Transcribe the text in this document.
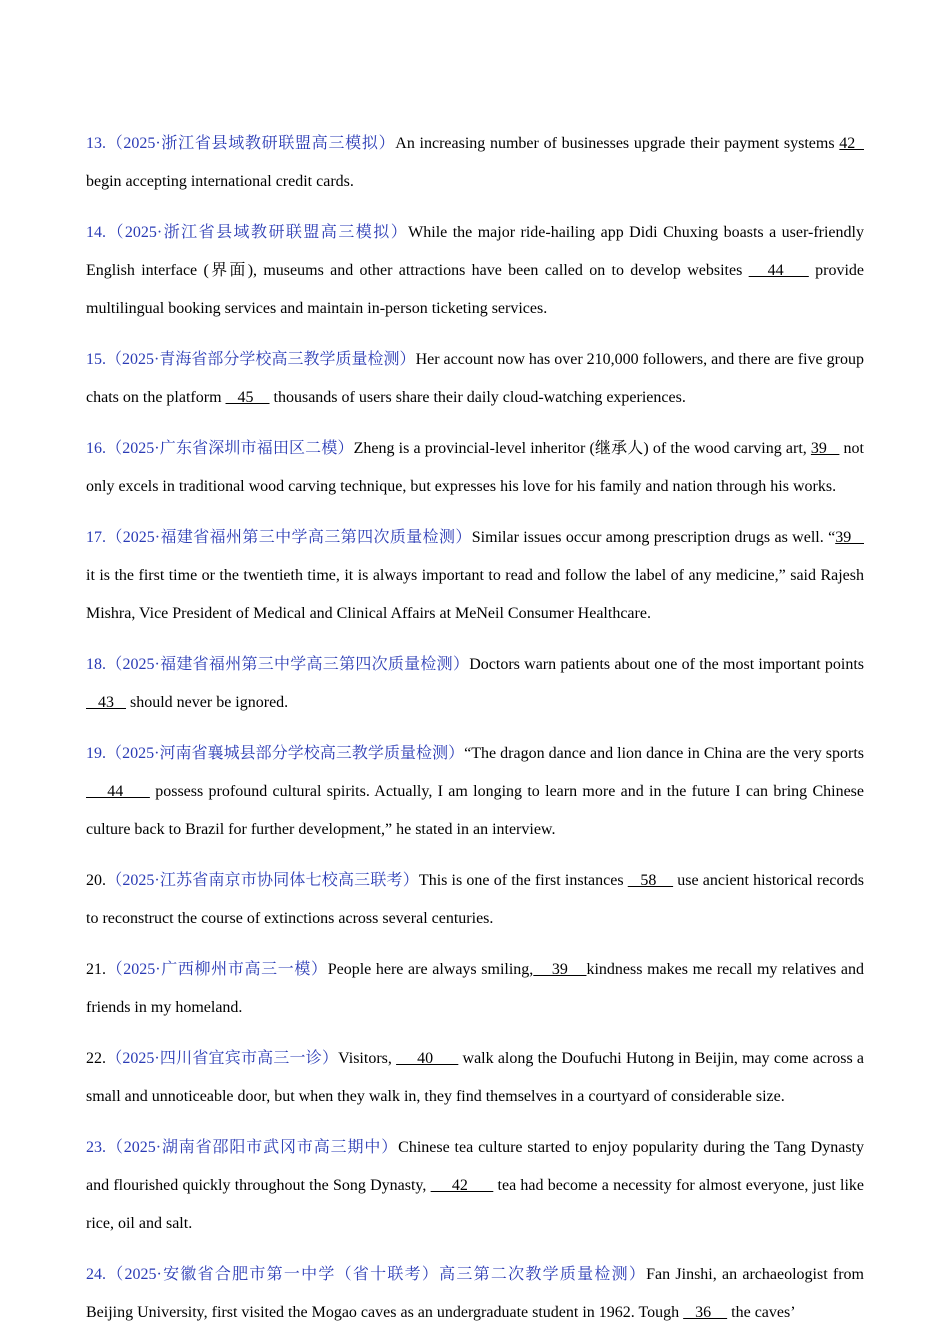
13.（2025·浙江省县域教研联盟高三模拟）An increasing number of businesses upgrade their payment systems 42   begin accepting international credit cards.

14.（2025·浙江省县域教研联盟高三模拟）While the major ride-hailing app Didi Chuxing boasts a user-friendly English interface (界面), museums and other attractions have been called on to develop websites    44     provide multilingual booking services and maintain in-person ticketing services.

15.（2025·青海省部分学校高三教学质量检测）Her account now has over 210,000 followers, and there are five group chats on the platform    45     thousands of users share their daily cloud-watching experiences.

16.（2025·广东省深圳市福田区二模）Zheng is a provincial-level inheritor (继承人) of the wood carving art, 39    not only excels in traditional wood carving technique, but expresses his love for his family and nation through his works.

17.（2025·福建省福州第三中学高三第四次质量检测）Similar issues occur among prescription drugs as well. “39    it is the first time or the twentieth time, it is always important to read and follow the label of any medicine,” said Rajesh Mishra, Vice President of Medical and Clinical Affairs at MeNeil Consumer Healthcare.

18.（2025·福建省福州第三中学高三第四次质量检测）Doctors warn patients about one of the most important points    43    should never be ignored.

19.（2025·河南省襄城县部分学校高三教学质量检测）“The dragon dance and lion dance in China are the very sports     44      possess profound cultural spirits. Actually, I am longing to learn more and in the future I can bring Chinese culture back to Brazil for further development,” he stated in an interview.

20.（2025·江苏省南京市协同体七校高三联考）This is one of the first instances    58     use ancient historical records to reconstruct the course of extinctions across several centuries.

21.（2025·广西柳州市高三一模）People here are always smiling,    39    kindness makes me recall my relatives and friends in my homeland.

22.（2025·四川省宜宾市高三一诊）Visitors,      40       walk along the Doufuchi Hutong in Beijin, may come across a small and unnoticeable door, but when they walk in, they find themselves in a courtyard of considerable size.

23.（2025·湖南省邵阳市武冈市高三期中）Chinese tea culture started to enjoy popularity during the Tang Dynasty and flourished quickly throughout the Song Dynasty,      42       tea had become a necessity for almost everyone, just like rice, oil and salt.

24.（2025·安徽省合肥市第一中学（省十联考）高三第二次教学质量检测）Fan Jinshi, an archaeologist from Beijing University, first visited the Mogao caves as an undergraduate student in 1962. Tough    36     the caves’
